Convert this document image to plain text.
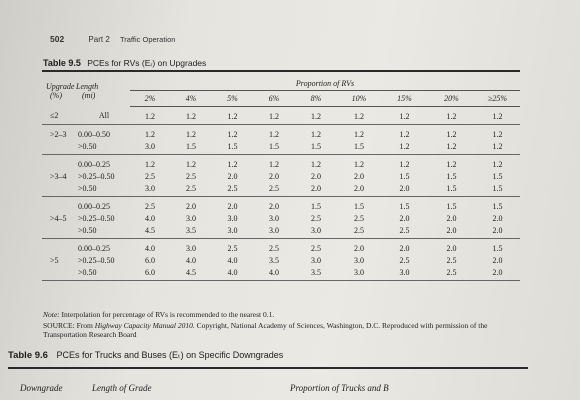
502	Part 2 Traffic Operation
Table 9.5 PCEs for RVs (Eᵣ) on Upgrades
Upgrade
(%)	Length
(mi)	Proportion of RVs								
		2%	4%	5%	6%	8%	10%	15%	20%	≥25%
≤2	All	1.2	1.2	1.2	1.2	1.2	1.2	1.2	1.2	1.2
>2–3	0.00–0.50	1.2	1.2	1.2	1.2	1.2	1.2	1.2	1.2	1.2
	>0.50	3.0	1.5	1.5	1.5	1.5	1.5	1.2	1.2	1.2
	0.00–0.25	1.2	1.2	1.2	1.2	1.2	1.2	1.2	1.2	1.2
>3–4	>0.25–0.50	2.5	2.5	2.0	2.0	2.0	2.0	1.5	1.5	1.5
	>0.50	3.0	2.5	2.5	2.5	2.0	2.0	2.0	1.5	1.5
	0.00–0.25	2.5	2.0	2.0	2.0	1.5	1.5	1.5	1.5	1.5
>4–5	>0.25–0.50	4.0	3.0	3.0	3.0	2.5	2.5	2.0	2.0	2.0
	>0.50	4.5	3.5	3.0	3.0	3.0	2.5	2.5	2.0	2.0
	0.00–0.25	4.0	3.0	2.5	2.5	2.5	2.0	2.0	2.0	1.5
>5	>0.25–0.50	6.0	4.0	4.0	3.5	3.0	3.0	2.5	2.5	2.0
	>0.50	6.0	4.5	4.0	4.0	3.5	3.0	3.0	2.5	2.0
Note: Interpolation for percentage of RVs is recommended to the nearest 0.1.
SOURCE: From Highway Capacity Manual 2010. Copyright, National Academy of Sciences, Washington, D.C. Reproduced with permission of the Transportation Research Board
Table 9.6 PCEs for Trucks and Buses (Eₜ) on Specific Downgrades
Downgrade	Length of Grade	Proportion of Trucks and B
